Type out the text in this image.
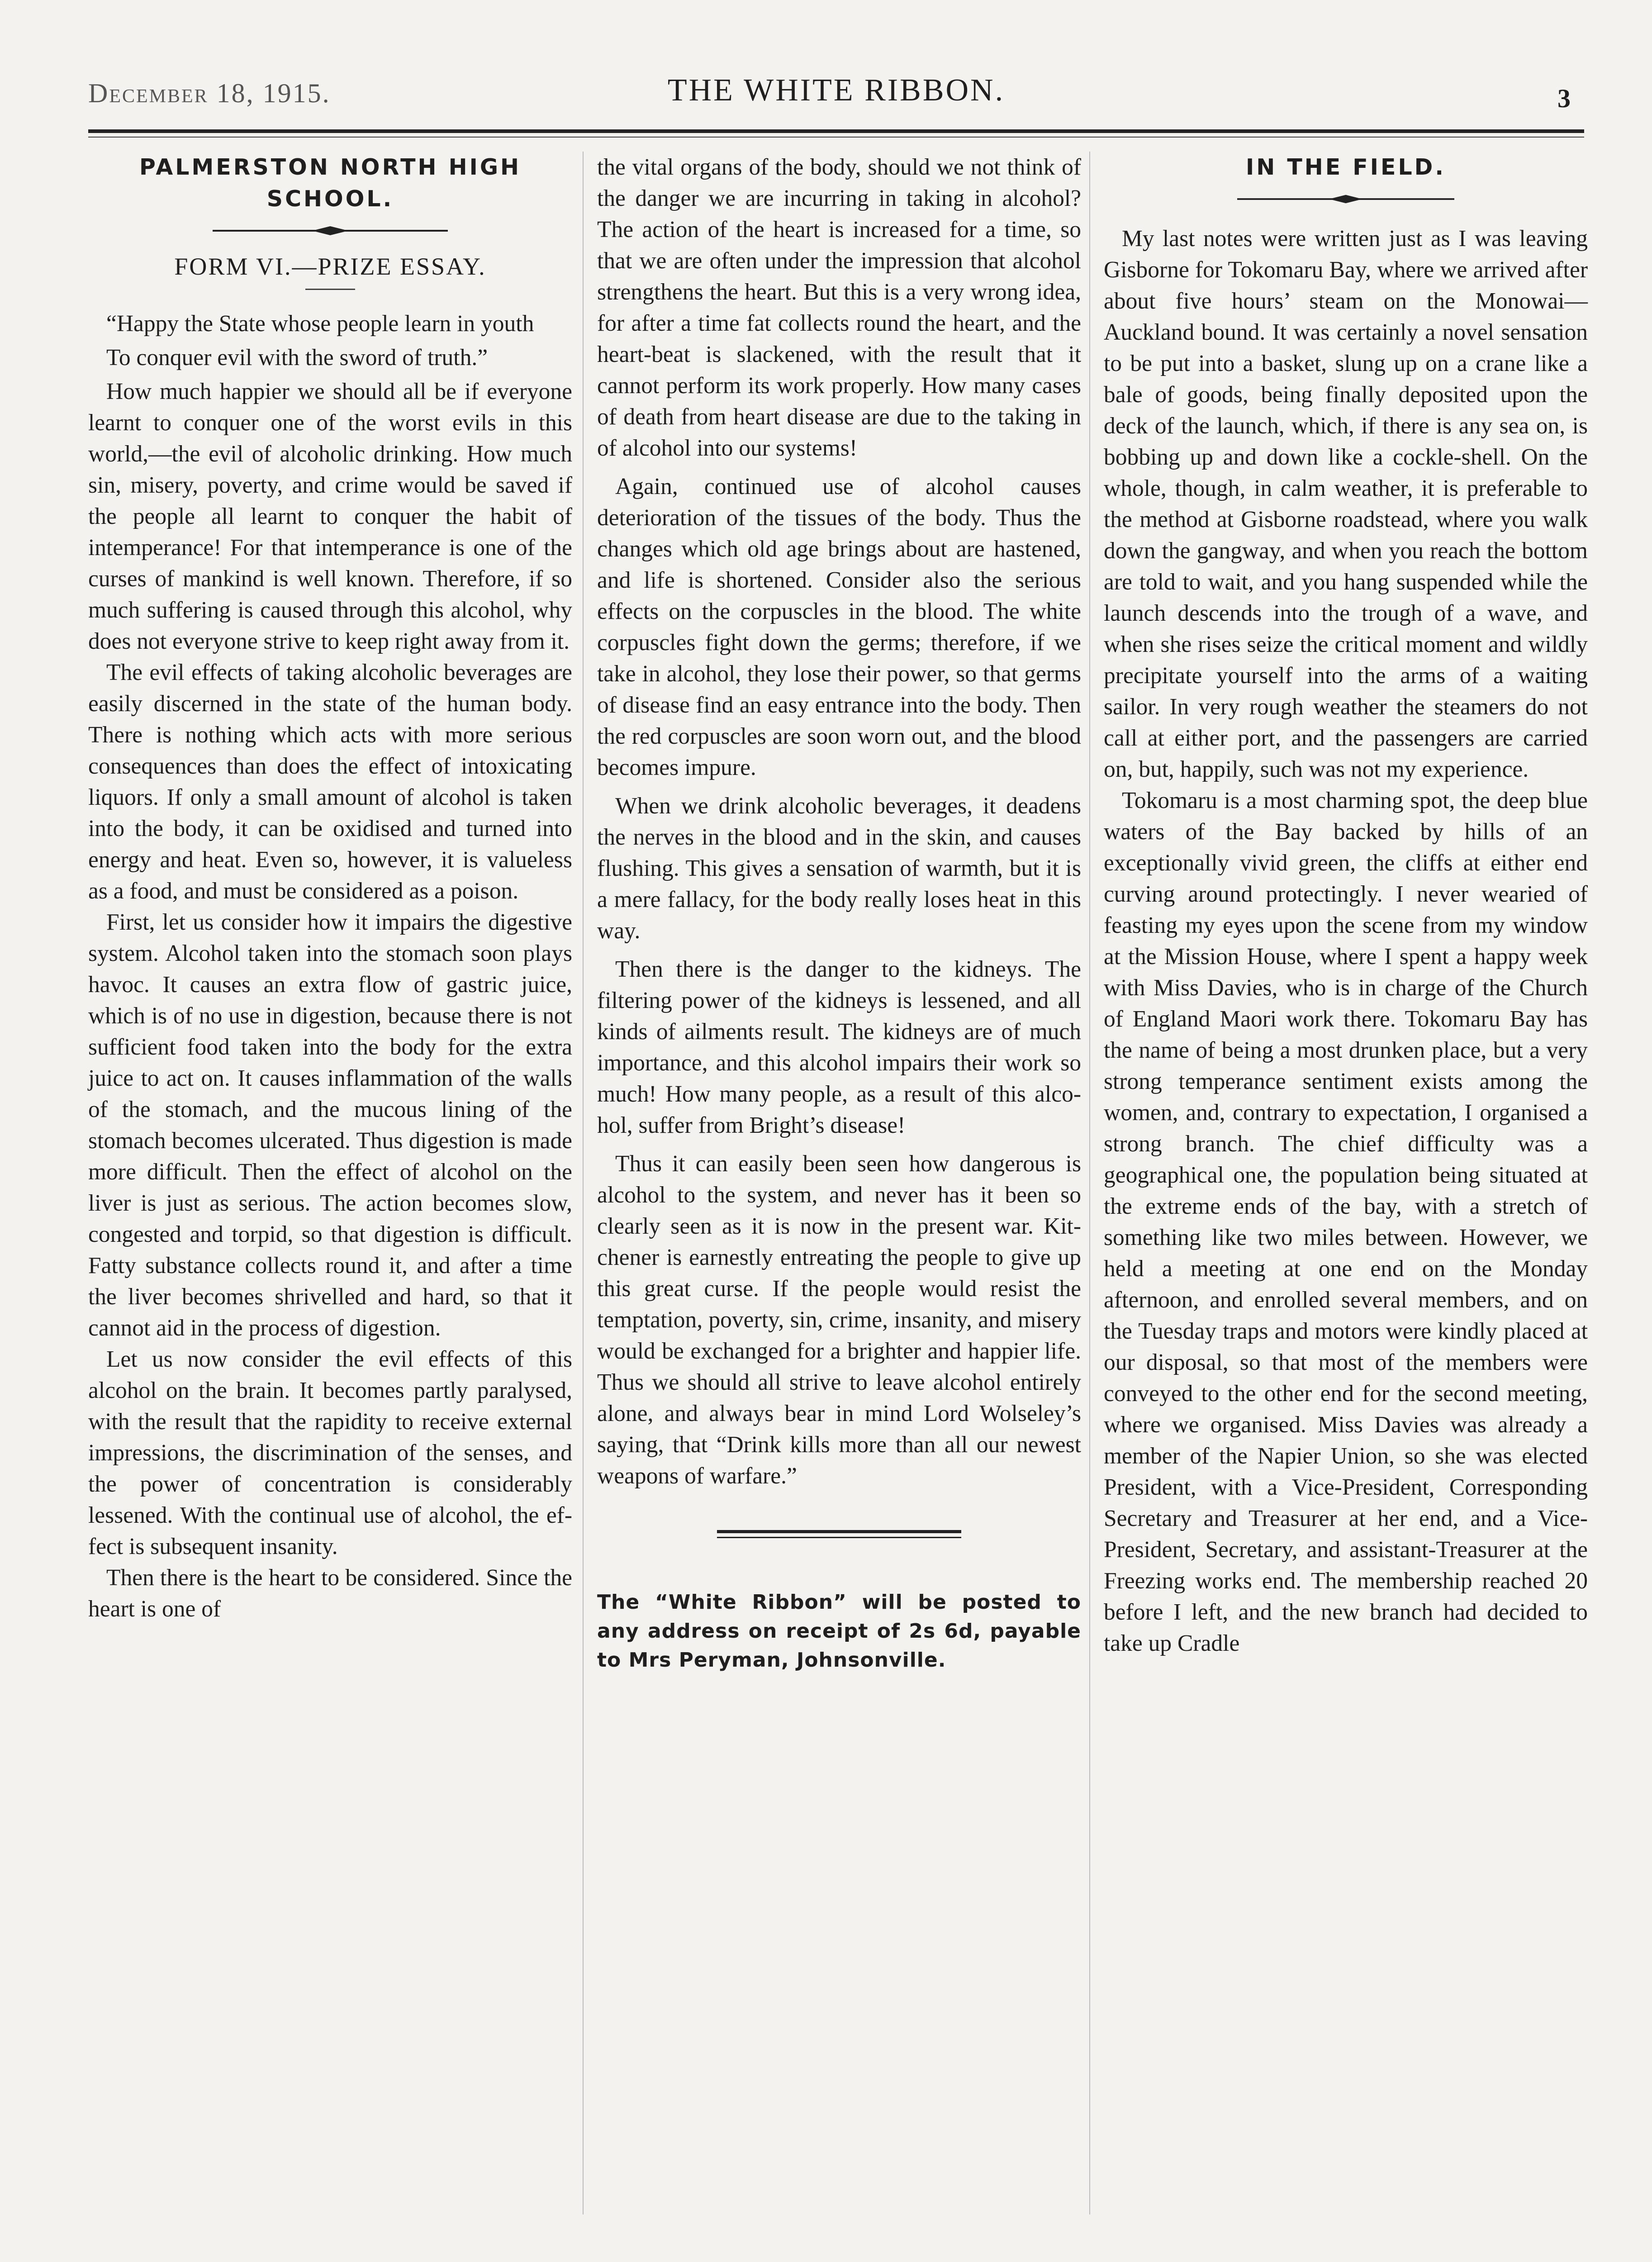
December 18, 1915.	THE WHITE RIBBON.	3
PALMERSTON NORTH HIGH SCHOOL.
FORM VI.—PRIZE ESSAY.

“Happy the State whose people learn in youth

To conquer evil with the sword of truth.”

How much happier we should all be if everyone learnt to conquer one of the worst evils in this world,—the evil of alcoholic drinking. How much sin, misery, poverty, and crime would be saved if the people all learnt to conquer the habit of intemperance! For that intemperance is one of the curses of mankind is well known. Therefore, if so much suffering is caused through this alcohol, why does not everyone strive to keep right away from it.

The evil effects of taking alcoholic beverages are easily discerned in the state of the human body. There is nothing which acts with more serious consequences than does the effect of intoxicating liquors. If only a small amount of alcohol is taken into the body, it can be oxidised and turned into energy and heat. Even so, however, it is valueless as a food, and must be considered as a poison.

First, let us consider how it impairs the digestive system. Alcohol taken into the stomach soon plays havoc. It causes an extra flow of gastric juice, which is of no use in digestion, because there is not sufficient food taken into the body for the extra juice to act on. It causes inflammation of the walls of the stomach, and the mucous lining of the stomach becomes ulcerated. Thus digestion is made more difficult. Then the effect of alcohol on the liver is just as serious. The action becomes slow, congested and torpid, so that digestion is difficult. Fatty substance collects round it, and after a time the liver becomes shrivelled and hard, so that it cannot aid in the process of digestion.

Let us now consider the evil effects of this alcohol on the brain. It becomes partly paralysed, with the result that the rapidity to receive external impressions, the discrimination of the senses, and the power of concentration is considerably lessened. With the continual use of alcohol, the effect is subsequent insanity.

Then there is the heart to be considered. Since the heart is one of

the vital organs of the body, should we not think of the danger we are incurring in taking in alcohol? The action of the heart is increased for a time, so that we are often under the impression that alcohol strengthens the heart. But this is a very wrong idea, for after a time fat collects round the heart, and the heart-beat is slackened, with the result that it cannot perform its work properly. How many cases of death from heart disease are due to the taking in of alcohol into our systems!

Again, continued use of alcohol causes deterioration of the tissues of the body. Thus the changes which old age brings about are hastened, and life is shortened. Consider also the serious effects on the corpuscles in the blood. The white corpuscles fight down the germs; therefore, if we take in alcohol, they lose their power, so that germs of disease find an easy entrance into the body. Then the red corpuscles are soon worn out, and the blood becomes impure.

When we drink alcoholic beverages, it deadens the nerves in the blood and in the skin, and causes flushing. This gives a sensation of warmth, but it is a mere fallacy, for the body really loses heat in this way.

Then there is the danger to the kidneys. The filtering power of the kidneys is lessened, and all kinds of ailments result. The kidneys are of much importance, and this alcohol impairs their work so much! How many people, as a result of this alcohol, suffer from Bright’s disease!

Thus it can easily been seen how dangerous is alcohol to the system, and never has it been so clearly seen as it is now in the present war. Kitchener is earnestly entreating the people to give up this great curse. If the people would resist the temptation, poverty, sin, crime, insanity, and misery would be exchanged for a brighter and happier life. Thus we should all strive to leave alcohol entirely alone, and always bear in mind Lord Wolseley’s saying, that “Drink kills more than all our newest weapons of warfare.”

The “White Ribbon” will be posted to any address on receipt of 2s 6d, payable to Mrs Peryman, Johnsonville.
IN THE FIELD.

My last notes were written just as I was leaving Gisborne for Tokomaru Bay, where we arrived after about five hours’ steam on the Monowai—Auckland bound. It was certainly a novel sensation to be put into a basket, slung up on a crane like a bale of goods, being finally deposited upon the deck of the launch, which, if there is any sea on, is bobbing up and down like a cockle-shell. On the whole, though, in calm weather, it is preferable to the method at Gisborne roadstead, where you walk down the gangway, and when you reach the bottom are told to wait, and you hang suspended while the launch descends into the trough of a wave, and when she rises seize the critical moment and wildly precipitate yourself into the arms of a waiting sailor. In very rough weather the steamers do not call at either port, and the passengers are carried on, but, happily, such was not my experience.

Tokomaru is a most charming spot, the deep blue waters of the Bay backed by hills of an exceptionally vivid green, the cliffs at either end curving around protectingly. I never wearied of feasting my eyes upon the scene from my window at the Mission House, where I spent a happy week with Miss Davies, who is in charge of the Church of England Maori work there. Tokomaru Bay has the name of being a most drunken place, but a very strong temperance sentiment exists among the women, and, contrary to expectation, I organised a strong branch. The chief difficulty was a geographical one, the population being situated at the extreme ends of the bay, with a stretch of something like two miles between. However, we held a meeting at one end on the Monday afternoon, and enrolled several members, and on the Tuesday traps and motors were kindly placed at our disposal, so that most of the members were conveyed to the other end for the second meeting, where we organised. Miss Davies was already a member of the Napier Union, so she was elected President, with a Vice-President, Corresponding Secretary and Treasurer at her end, and a Vice-President, Secretary, and assistant-Treasurer at the Freezing works end. The membership reached 20 before I left, and the new branch had decided to take up Cradle
